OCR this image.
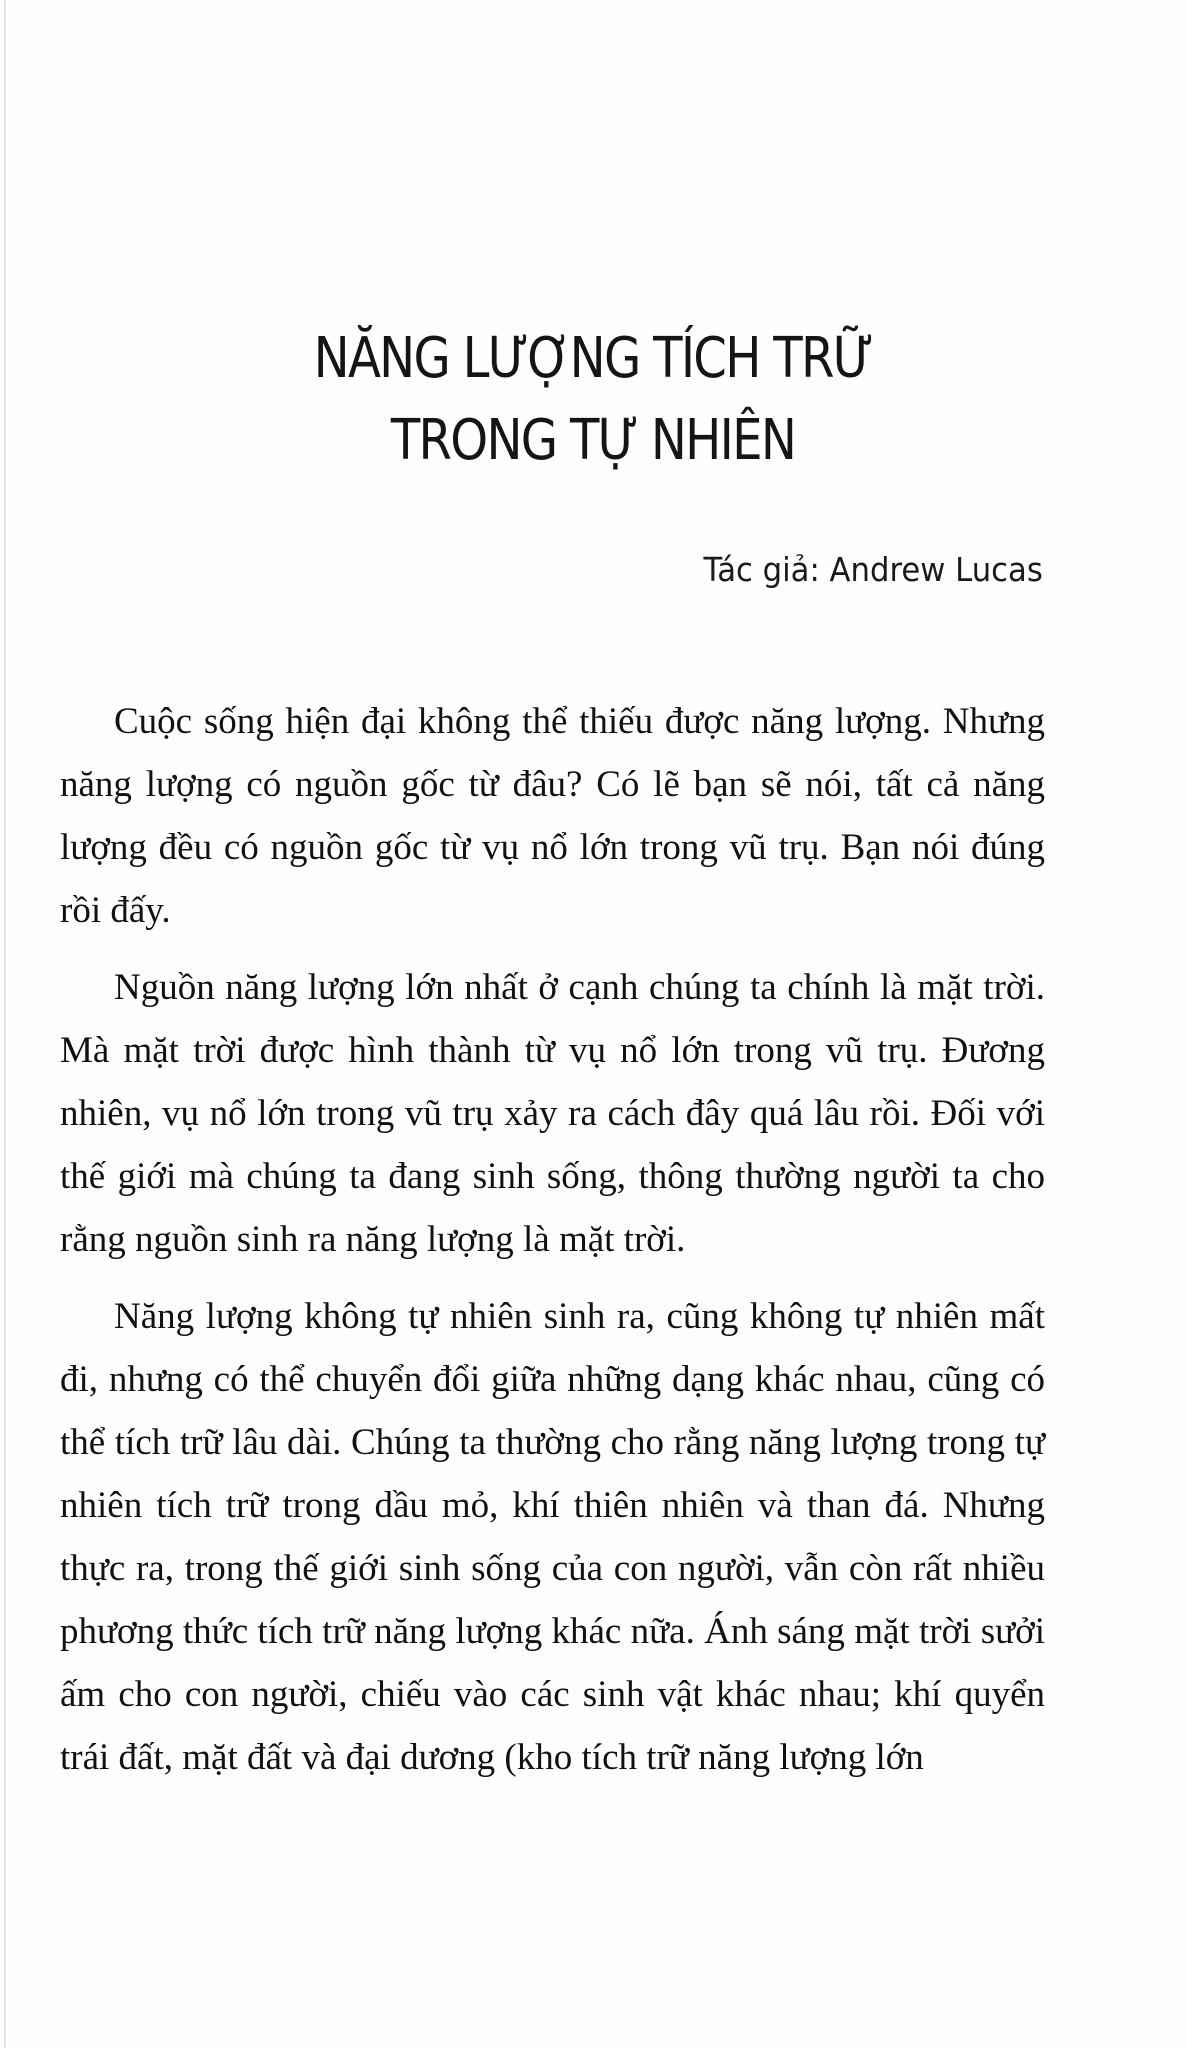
NĂNG LƯỢNG TÍCH TRỮ
TRONG TỰ NHIÊN
Tác giả: Andrew Lucas

Cuộc sống hiện đại không thể thiếu được năng lượng. Nhưng năng lượng có nguồn gốc từ đâu? Có lẽ bạn sẽ nói, tất cả năng lượng đều có nguồn gốc từ vụ nổ lớn trong vũ trụ. Bạn nói đúng rồi đấy.

Nguồn năng lượng lớn nhất ở cạnh chúng ta chính là mặt trời. Mà mặt trời được hình thành từ vụ nổ lớn trong vũ trụ. Đương nhiên, vụ nổ lớn trong vũ trụ xảy ra cách đây quá lâu rồi. Đối với thế giới mà chúng ta đang sinh sống, thông thường người ta cho rằng nguồn sinh ra năng lượng là mặt trời.

Năng lượng không tự nhiên sinh ra, cũng không tự nhiên mất đi, nhưng có thể chuyển đổi giữa những dạng khác nhau, cũng có thể tích trữ lâu dài. Chúng ta thường cho rằng năng lượng trong tự nhiên tích trữ trong dầu mỏ, khí thiên nhiên và than đá. Nhưng thực ra, trong thế giới sinh sống của con người, vẫn còn rất nhiều phương thức tích trữ năng lượng khác nữa. Ánh sáng mặt trời sưởi ấm cho con người, chiếu vào các sinh vật khác nhau; khí quyển trái đất, mặt đất và đại dương (kho tích trữ năng lượng lớn
